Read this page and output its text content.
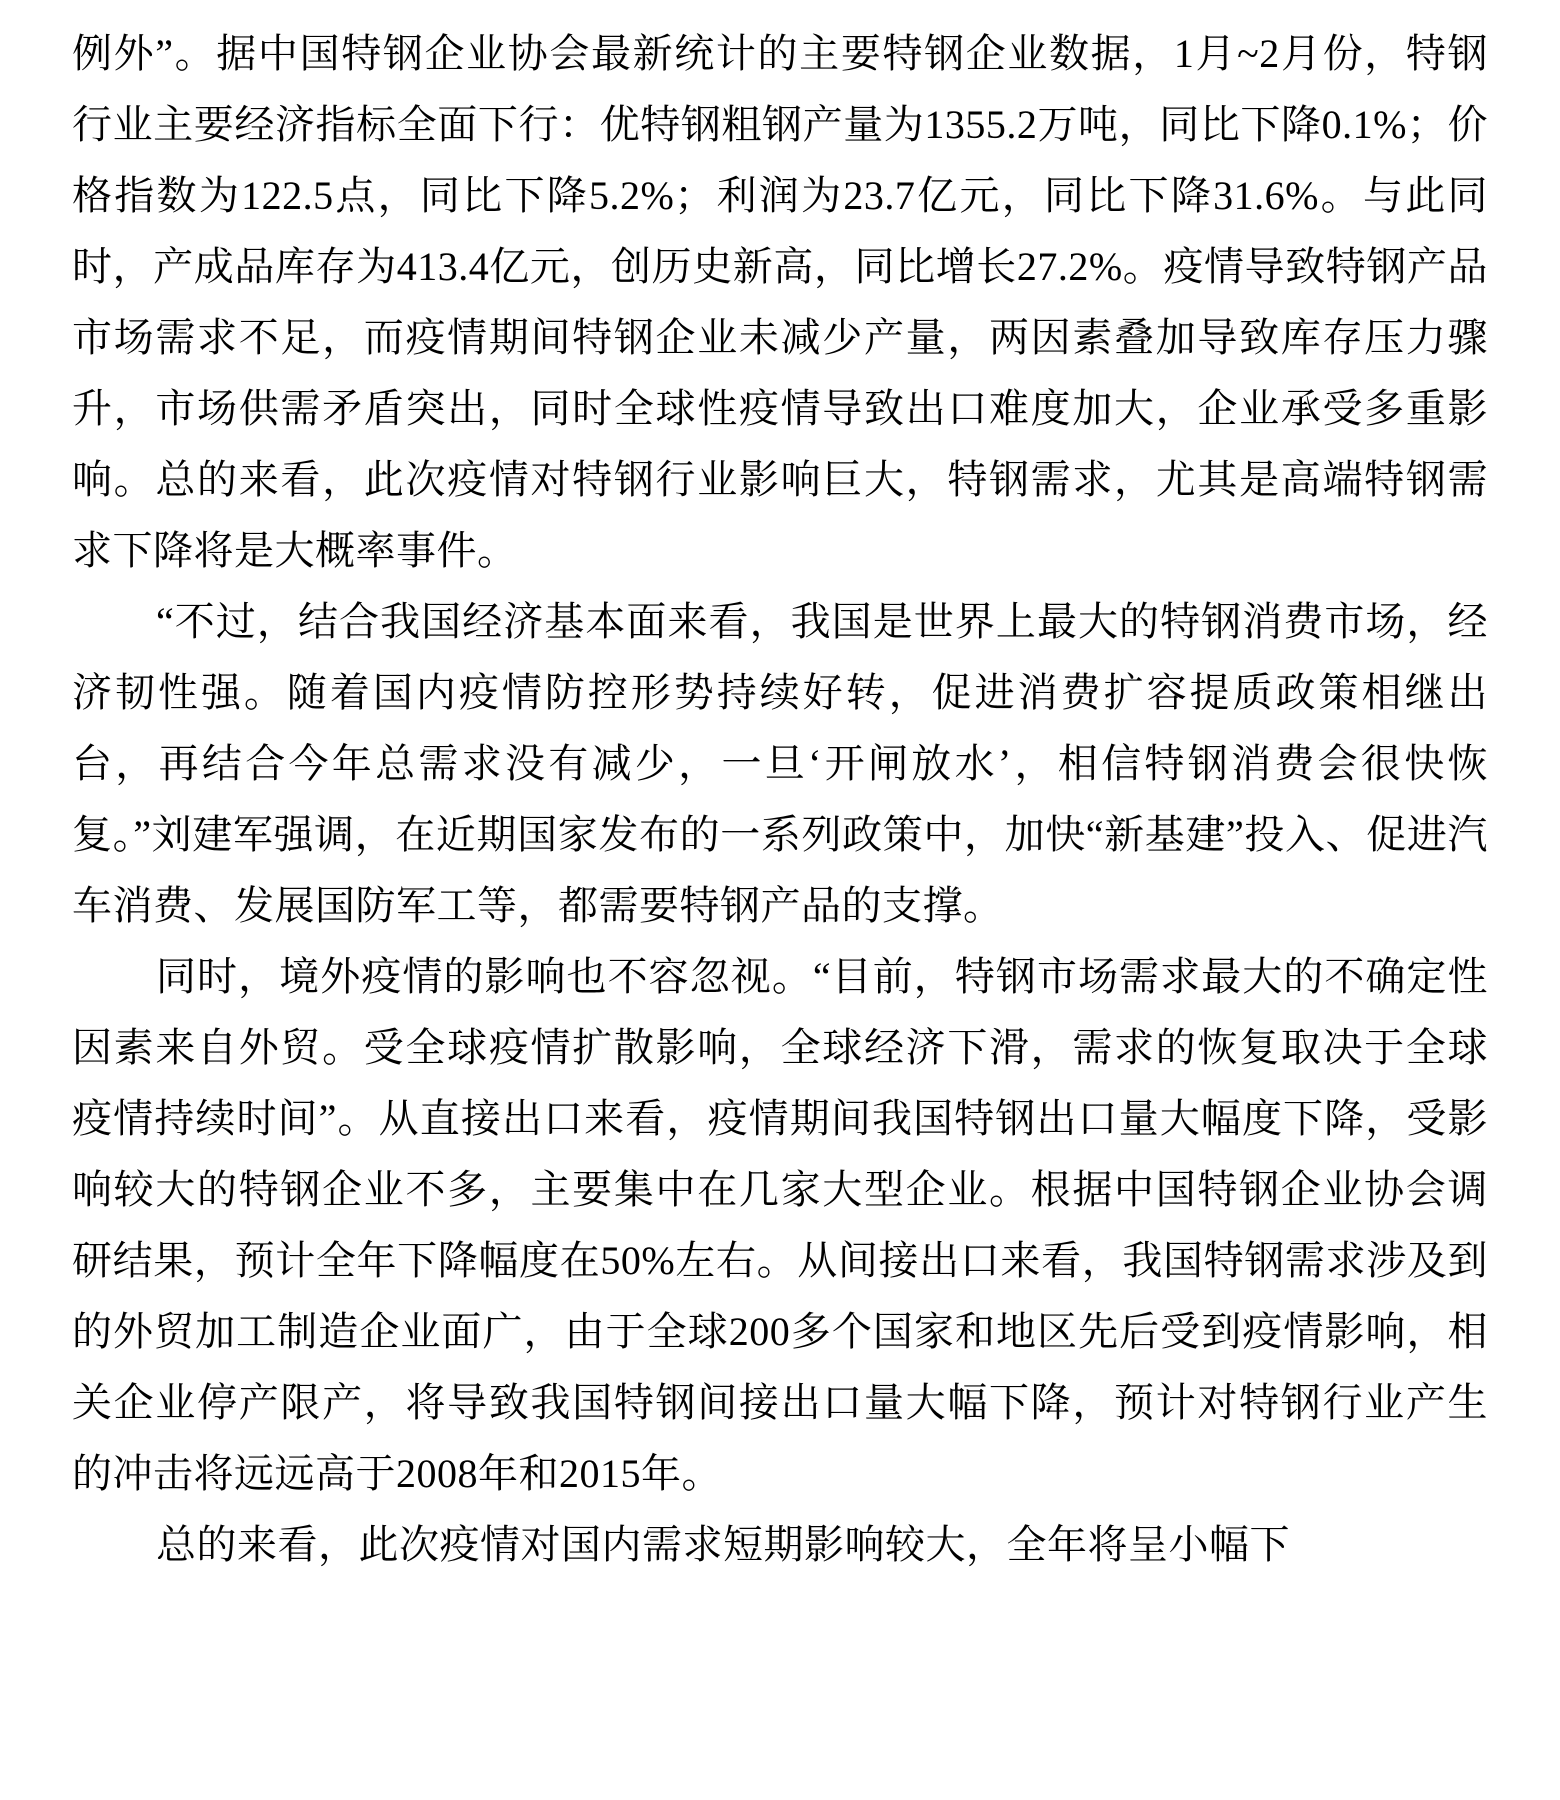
例外”。据中国特钢企业协会最新统计的主要特钢企业数据，1月~2月份，特钢行业主要经济指标全面下行：优特钢粗钢产量为1355.2万吨，同比下降0.1%；价格指数为122.5点，同比下降5.2%；利润为23.7亿元，同比下降31.6%。与此同时，产成品库存为413.4亿元，创历史新高，同比增长27.2%。疫情导致特钢产品市场需求不足，而疫情期间特钢企业未减少产量，两因素叠加导致库存压力骤升，市场供需矛盾突出，同时全球性疫情导致出口难度加大，企业承受多重影响。总的来看，此次疫情对特钢行业影响巨大，特钢需求，尤其是高端特钢需求下降将是大概率事件。

“不过，结合我国经济基本面来看，我国是世界上最大的特钢消费市场，经济韧性强。随着国内疫情防控形势持续好转，促进消费扩容提质政策相继出台，再结合今年总需求没有减少，一旦‘开闸放水’，相信特钢消费会很快恢复。”刘建军强调，在近期国家发布的一系列政策中，加快“新基建”投入、促进汽车消费、发展国防军工等，都需要特钢产品的支撑。

同时，境外疫情的影响也不容忽视。“目前，特钢市场需求最大的不确定性因素来自外贸。受全球疫情扩散影响，全球经济下滑，需求的恢复取决于全球疫情持续时间”。从直接出口来看，疫情期间我国特钢出口量大幅度下降，受影响较大的特钢企业不多，主要集中在几家大型企业。根据中国特钢企业协会调研结果，预计全年下降幅度在50%左右。从间接出口来看，我国特钢需求涉及到的外贸加工制造企业面广，由于全球200多个国家和地区先后受到疫情影响，相关企业停产限产，将导致我国特钢间接出口量大幅下降，预计对特钢行业产生的冲击将远远高于2008年和2015年。

总的来看，此次疫情对国内需求短期影响较大，全年将呈小幅下
